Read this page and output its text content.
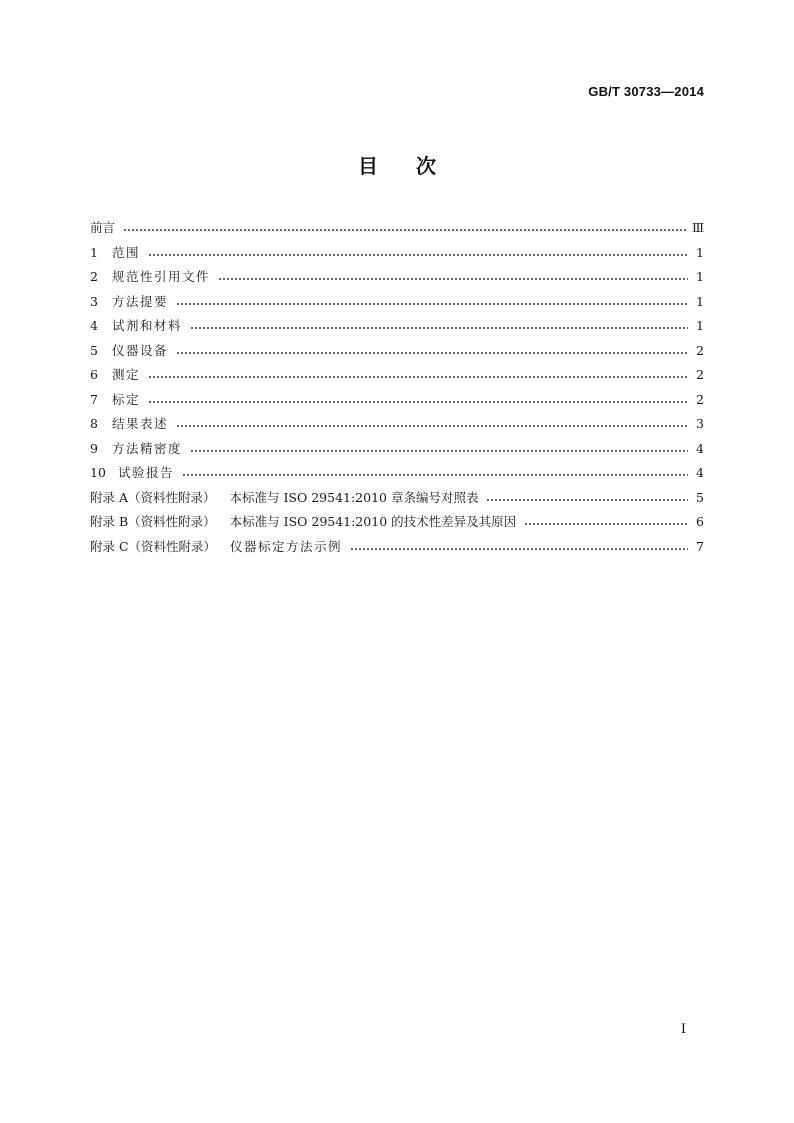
GB/T 30733—2014
目 次
前言	Ⅲ
1	范围	1
2	规范性引用文件	1
3	方法提要	1
4	试剂和材料	1
5	仪器设备	2
6	测定	2
7	标定	2
8	结果表述	3
9	方法精密度	4
10 试验报告	4
附录 A（资料性附录） 本标准与 ISO 29541:2010 章条编号对照表	5
附录 B（资料性附录） 本标准与 ISO 29541:2010 的技术性差异及其原因	6
附录 C（资料性附录） 仪器标定方法示例	7
I
